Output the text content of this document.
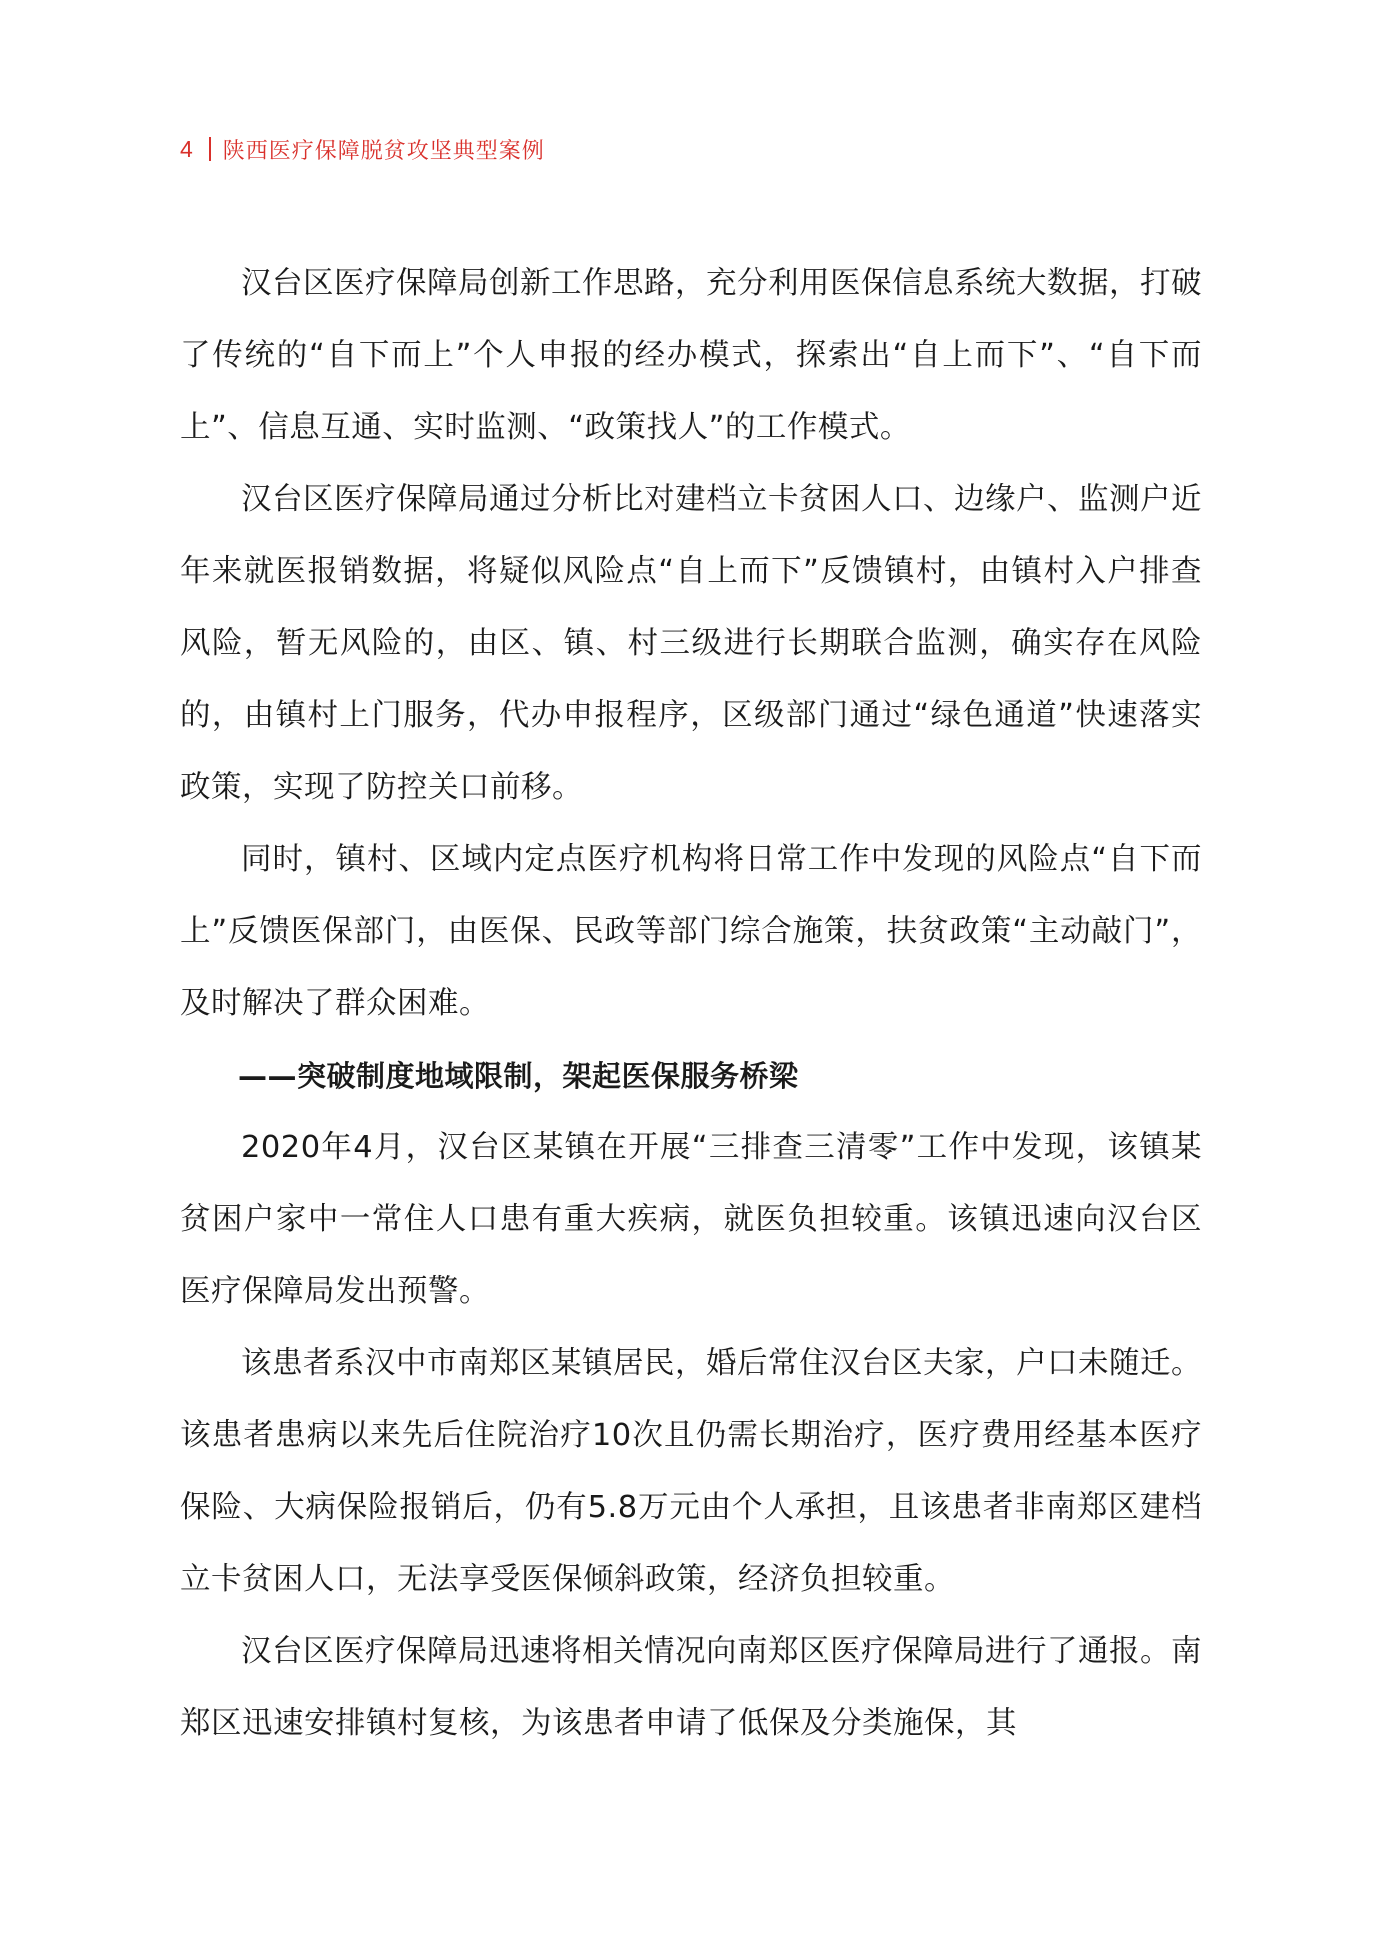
4 陕西医疗保障脱贫攻坚典型案例

汉台区医疗保障局创新工作思路，充分利用医保信息系统大数据，打破了传统的“自下而上”个人申报的经办模式，探索出“自上而下”、“自下而上”、信息互通、实时监测、“政策找人”的工作模式。

汉台区医疗保障局通过分析比对建档立卡贫困人口、边缘户、监测户近年来就医报销数据，将疑似风险点“自上而下”反馈镇村，由镇村入户排查风险，暂无风险的，由区、镇、村三级进行长期联合监测，确实存在风险的，由镇村上门服务，代办申报程序，区级部门通过“绿色通道”快速落实政策，实现了防控关口前移。

同时，镇村、区域内定点医疗机构将日常工作中发现的风险点“自下而上”反馈医保部门，由医保、民政等部门综合施策，扶贫政策“主动敲门”，及时解决了群众困难。

——突破制度地域限制，架起医保服务桥梁

2020年4月，汉台区某镇在开展“三排查三清零”工作中发现，该镇某贫困户家中一常住人口患有重大疾病，就医负担较重。该镇迅速向汉台区医疗保障局发出预警。

该患者系汉中市南郑区某镇居民，婚后常住汉台区夫家，户口未随迁。该患者患病以来先后住院治疗10次且仍需长期治疗，医疗费用经基本医疗保险、大病保险报销后，仍有5.8万元由个人承担，且该患者非南郑区建档立卡贫困人口，无法享受医保倾斜政策，经济负担较重。

汉台区医疗保障局迅速将相关情况向南郑区医疗保障局进行了通报。南郑区迅速安排镇村复核，为该患者申请了低保及分类施保，其
